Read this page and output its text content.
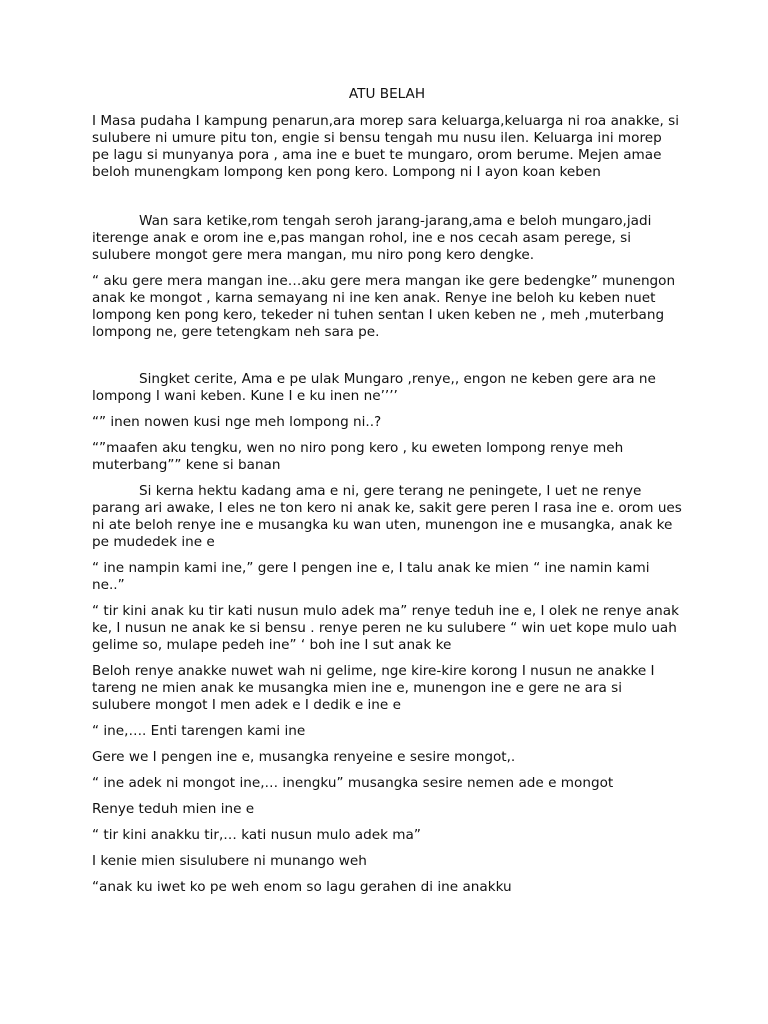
ATU BELAH

I Masa pudaha I kampung penarun,ara morep sara keluarga,keluarga ni roa anakke, si sulubere ni umure pitu ton, engie si bensu tengah mu nusu ilen. Keluarga ini morep pe lagu si munyanya pora , ama ine e buet te mungaro, orom berume. Mejen amae beloh munengkam lompong ken pong kero. Lompong ni I ayon koan keben

Wan sara ketike,rom tengah seroh jarang-jarang,ama e beloh mungaro,jadi iterenge anak e orom ine e,pas mangan rohol, ine e nos cecah asam perege, si sulubere mongot gere mera mangan, mu niro pong kero dengke.

“ aku gere mera mangan ine…aku gere mera mangan ike gere bedengke” munengon anak ke mongot , karna semayang ni ine ken anak. Renye ine beloh ku keben nuet lompong ken pong kero, tekeder ni tuhen sentan I uken keben ne , meh ,muterbang lompong ne, gere tetengkam neh sara pe.

Singket cerite, Ama e pe ulak Mungaro ,renye,, engon ne keben gere ara ne lompong I wani keben. Kune I e ku inen ne’’’’

“” inen nowen kusi nge meh lompong ni..?

“”maafen aku tengku, wen no niro pong kero , ku eweten lompong renye meh muterbang”” kene si banan

Si kerna hektu kadang ama e ni, gere terang ne peningete, I uet ne renye parang ari awake, I eles ne ton kero ni anak ke, sakit gere peren I rasa ine e. orom ues ni ate beloh renye ine e musangka ku wan uten, munengon ine e musangka, anak ke pe mudedek ine e

“ ine nampin kami ine,” gere I pengen ine e, I talu anak ke mien “ ine namin kami ne..”

“ tir kini anak ku tir kati nusun mulo adek ma” renye teduh ine e, I olek ne renye anak ke, I nusun ne anak ke si bensu . renye peren ne ku sulubere “ win uet kope mulo uah gelime so, mulape pedeh ine” ‘ boh ine I sut anak ke

Beloh renye anakke nuwet wah ni gelime, nge kire-kire korong I nusun ne anakke I tareng ne mien anak ke musangka mien ine e, munengon ine e gere ne ara si sulubere mongot I men adek e I dedik e ine e

“ ine,…. Enti tarengen kami ine

Gere we I pengen ine e, musangka renyeine e sesire mongot,.

“ ine adek ni mongot ine,… inengku” musangka sesire nemen ade e mongot

Renye teduh mien ine e

“ tir kini anakku tir,… kati nusun mulo adek ma”

I kenie mien sisulubere ni munango weh

“anak ku iwet ko pe weh enom so lagu gerahen di ine anakku
